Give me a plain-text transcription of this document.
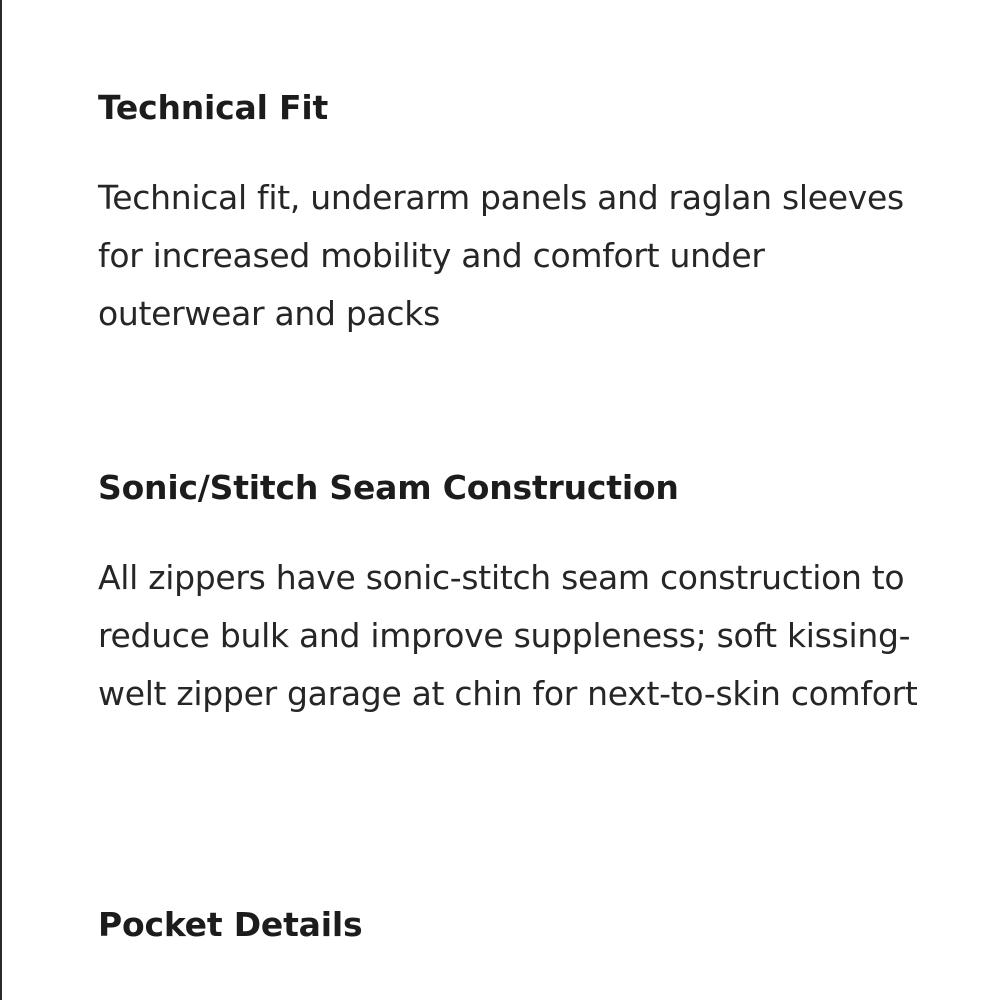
Technical Fit

Technical fit, underarm panels and raglan sleeves for increased mobility and comfort under outerwear and packs

Sonic/Stitch Seam Construction

All zippers have sonic-stitch seam construction to reduce bulk and improve suppleness; soft kissing-welt zipper garage at chin for next-to-skin comfort

Pocket Details
